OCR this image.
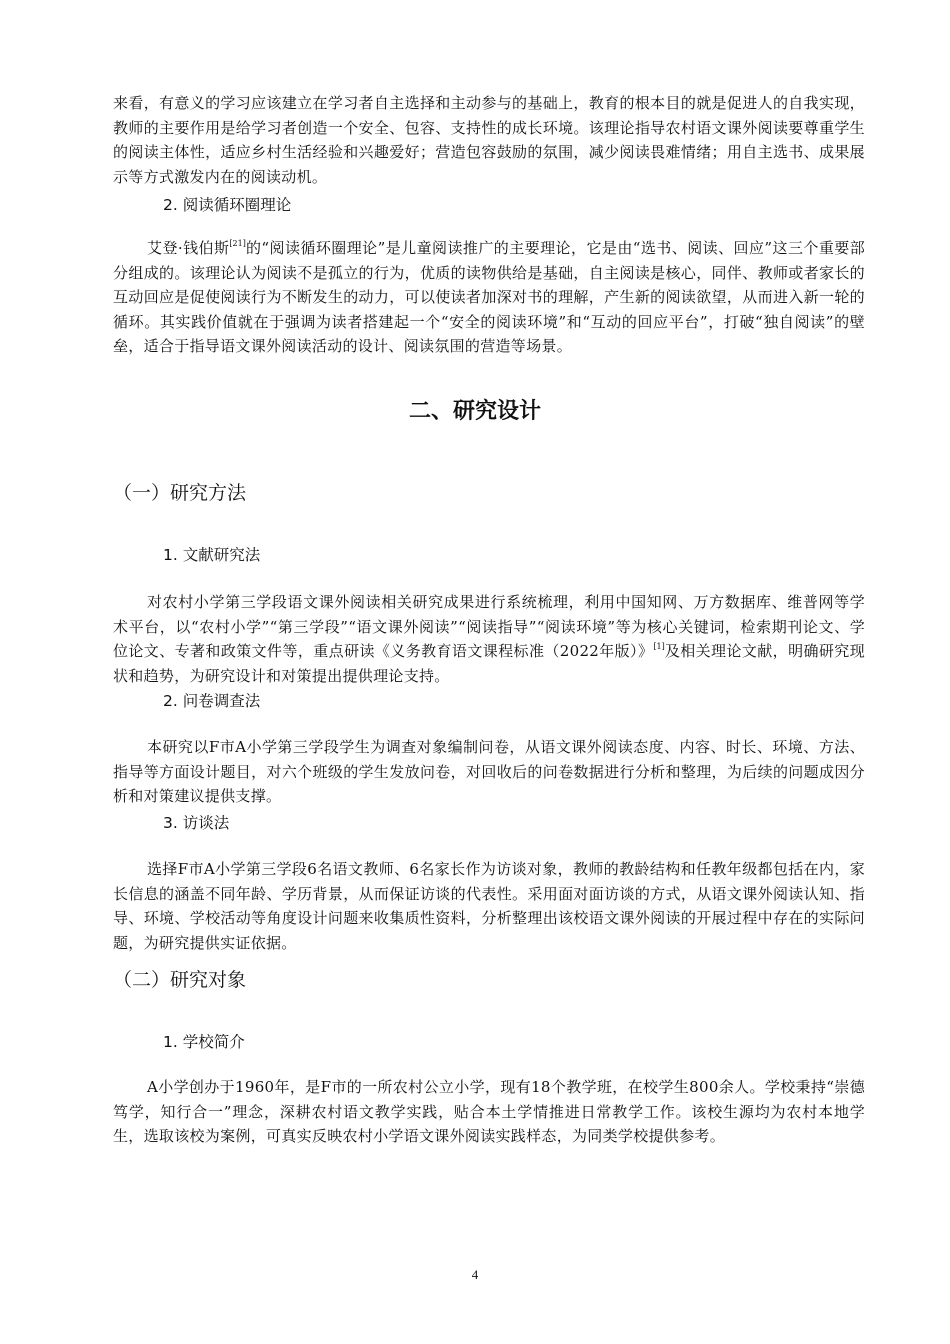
来看，有意义的学习应该建立在学习者自主选择和主动参与的基础上，教育的根本目的就是促进人的自我实现，教师的主要作用是给学习者创造一个安全、包容、支持性的成长环境。该理论指导农村语文课外阅读要尊重学生的阅读主体性，适应乡村生活经验和兴趣爱好；营造包容鼓励的氛围，减少阅读畏难情绪；用自主选书、成果展示等方式激发内在的阅读动机。

2. 阅读循环圈理论

艾登·钱伯斯[21]的“阅读循环圈理论”是儿童阅读推广的主要理论，它是由“选书、阅读、回应”这三个重要部分组成的。该理论认为阅读不是孤立的行为，优质的读物供给是基础，自主阅读是核心，同伴、教师或者家长的互动回应是促使阅读行为不断发生的动力，可以使读者加深对书的理解，产生新的阅读欲望，从而进入新一轮的循环。其实践价值就在于强调为读者搭建起一个“安全的阅读环境”和“互动的回应平台”，打破“独自阅读”的壁垒，适合于指导语文课外阅读活动的设计、阅读氛围的营造等场景。

二、研究设计
（一）研究方法
1. 文献研究法

对农村小学第三学段语文课外阅读相关研究成果进行系统梳理，利用中国知网、万方数据库、维普网等学术平台，以“农村小学”“第三学段”“语文课外阅读”“阅读指导”“阅读环境”等为核心关键词，检索期刊论文、学位论文、专著和政策文件等，重点研读《义务教育语文课程标准（2022年版）》[1]及相关理论文献，明确研究现状和趋势，为研究设计和对策提出提供理论支持。

2. 问卷调查法

本研究以F市A小学第三学段学生为调查对象编制问卷，从语文课外阅读态度、内容、时长、环境、方法、指导等方面设计题目，对六个班级的学生发放问卷，对回收后的问卷数据进行分析和整理，为后续的问题成因分析和对策建议提供支撑。

3. 访谈法

选择F市A小学第三学段6名语文教师、6名家长作为访谈对象，教师的教龄结构和任教年级都包括在内，家长信息的涵盖不同年龄、学历背景，从而保证访谈的代表性。采用面对面访谈的方式，从语文课外阅读认知、指导、环境、学校活动等角度设计问题来收集质性资料，分析整理出该校语文课外阅读的开展过程中存在的实际问题，为研究提供实证依据。

（二）研究对象
1. 学校简介

A小学创办于1960年，是F市的一所农村公立小学，现有18个教学班，在校学生800余人。学校秉持“崇德笃学，知行合一”理念，深耕农村语文教学实践，贴合本土学情推进日常教学工作。该校生源均为农村本地学生，选取该校为案例，可真实反映农村小学语文课外阅读实践样态，为同类学校提供参考。

4
